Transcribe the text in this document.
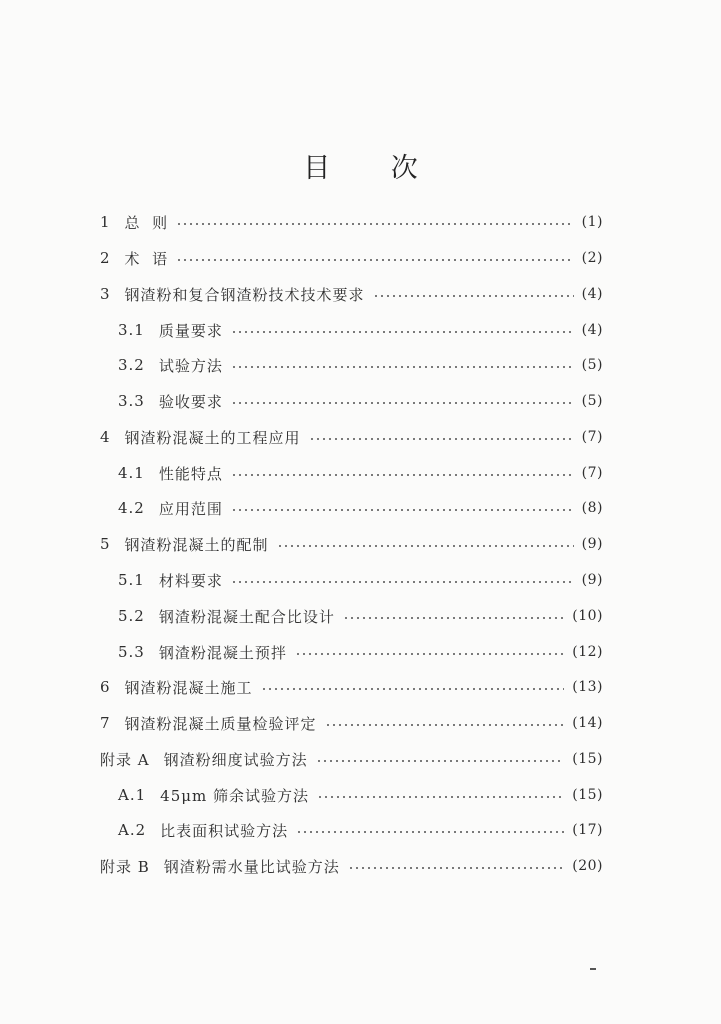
目 次
1 总  则	(1)
2 术  语	(2)
3 钢渣粉和复合钢渣粉技术技术要求	(4)
3.1 质量要求	(4)
3.2 试验方法	(5)
3.3 验收要求	(5)
4 钢渣粉混凝土的工程应用	(7)
4.1 性能特点	(7)
4.2 应用范围	(8)
5 钢渣粉混凝土的配制	(9)
5.1 材料要求	(9)
5.2 钢渣粉混凝土配合比设计	(10)
5.3 钢渣粉混凝土预拌	(12)
6 钢渣粉混凝土施工	(13)
7 钢渣粉混凝土质量检验评定	(14)
附录 A 钢渣粉细度试验方法	(15)
A.1 45μm 筛余试验方法	(15)
A.2 比表面积试验方法	(17)
附录 B 钢渣粉需水量比试验方法	(20)
